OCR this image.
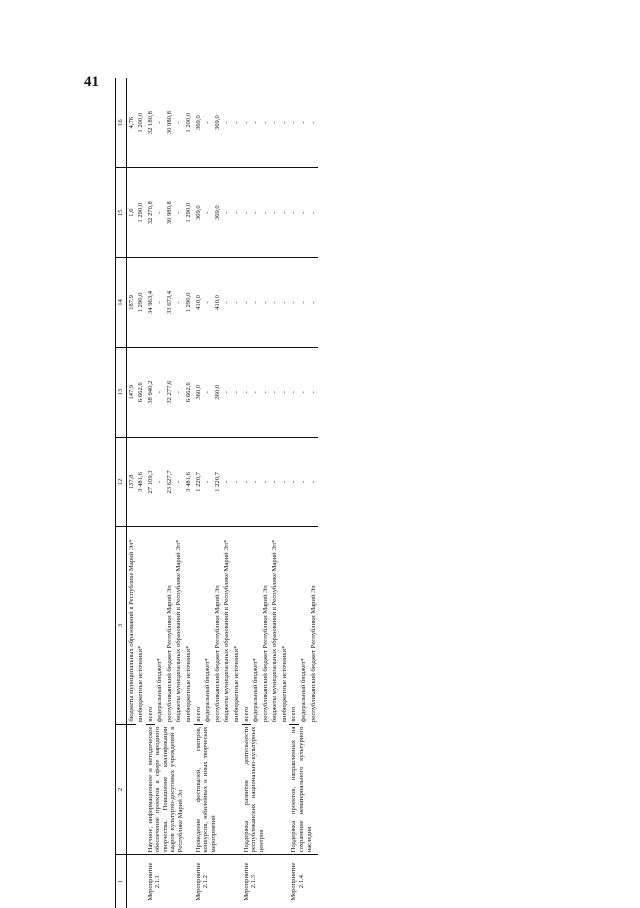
41
1	2	3	12	13	14	15	16
		бюджеты муниципальных образований в Республике Марий Эл*	137,8	147,9	187,9	1,6	4,76
		внебюджетные источники*	3 481,6	6 662,6	1 290,0	1 290,0	1 200,0
Мероприятие 2.1.1	Научное, информационное и методическое обеспечение проектов в сфере народного творчества. Повышение квалификации кадров культурно-досуговых учреждений в Республике Марий Эл	всего	27 109,3	38 940,2	34 963,4	32 270,8	32 180,8
		федеральный бюджет*	-	-	-	-	-
		республиканский бюджет Республики Марий Эл	23 627,7	32 277,6	33 673,4	30 980,8	30 980,8
		бюджеты муниципальных образований в Республике Марий Эл*	-	-	-	-	-
		внебюджетные источники*	3 481,6	6 662,6	1 290,0	1 290,0	1 200,0
Мероприятие 2.1.2	Проведение фестивалей, смотров, конкурсов, юбилейных и иных творческих мероприятий	всего	1 220,7	360,0	410,0	369,0	369,0
		федеральный бюджет*	-	-	-	-	-
		республиканский бюджет Республики Марий Эл	1 220,7	360,0	410,0	369,0	369,0
		бюджеты муниципальных образований в Республике Марий Эл*	-	-	-	-	-
		внебюджетные источники*	-	-	-	-	-
Мероприятие 2.1.3	Поддержка развития деятельности республиканских национально-культурных центров	всего	-	-	-	-	-
		федеральный бюджет*	-	-	-	-	-
		республиканский бюджет Республики Марий Эл	-	-	-	-	-
		бюджеты муниципальных образований в Республике Марий Эл*	-	-	-	-	-
		внебюджетные источники*	-	-	-	-	-
Мероприятие 2.1.4	Поддержка проектов, направленных на сохранение нематериального культурного наследия	всего	-	-	-	-	-
		федеральный бюджет*	-	-	-	-	-
		республиканский бюджет Республики Марий Эл	-	-	-	-	-
